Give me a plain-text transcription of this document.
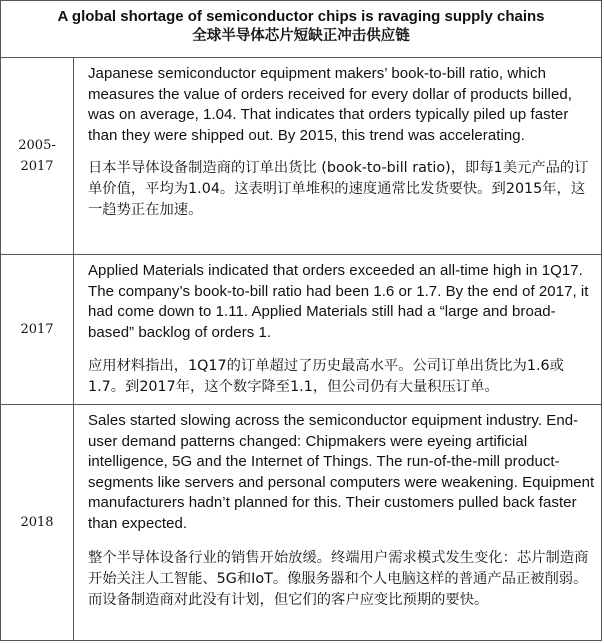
A global shortage of semiconductor chips is ravaging supply chains
全球半导体芯片短缺正冲击供应链
2005-2017

Japanese semiconductor equipment makers’ book-to-bill ratio, which measures the value of orders received for every dollar of products billed, was on average, 1.04. That indicates that orders typically piled up faster than they were shipped out. By 2015, this trend was accelerating.

日本半导体设备制造商的订单出货比 (book-to-bill ratio)，即每1美元产品的订单价值，平均为1.04。这表明订单堆积的速度通常比发货要快。到2015年，这一趋势正在加速。

2017

Applied Materials indicated that orders exceeded an all-time high in 1Q17. The company’s book-to-bill ratio had been 1.6 or 1.7. By the end of 2017, it had come down to 1.11. Applied Materials still had a “large and broad-based” backlog of orders 1.

应用材料指出，1Q17的订单超过了历史最高水平。公司订单出货比为1.6或1.7。到2017年，这个数字降至1.1，但公司仍有大量积压订单。

2018

Sales started slowing across the semiconductor equipment industry. End-user demand patterns changed: Chipmakers were eyeing artificial intelligence, 5G and the Internet of Things. The run-of-the-mill product-segments like servers and personal computers were weakening. Equipment manufacturers hadn’t planned for this. Their customers pulled back faster than expected.

整个半导体设备行业的销售开始放缓。终端用户需求模式发生变化：芯片制造商开始关注人工智能、5G和IoT。像服务器和个人电脑这样的普通产品正被削弱。而设备制造商对此没有计划，但它们的客户应变比预期的要快。
